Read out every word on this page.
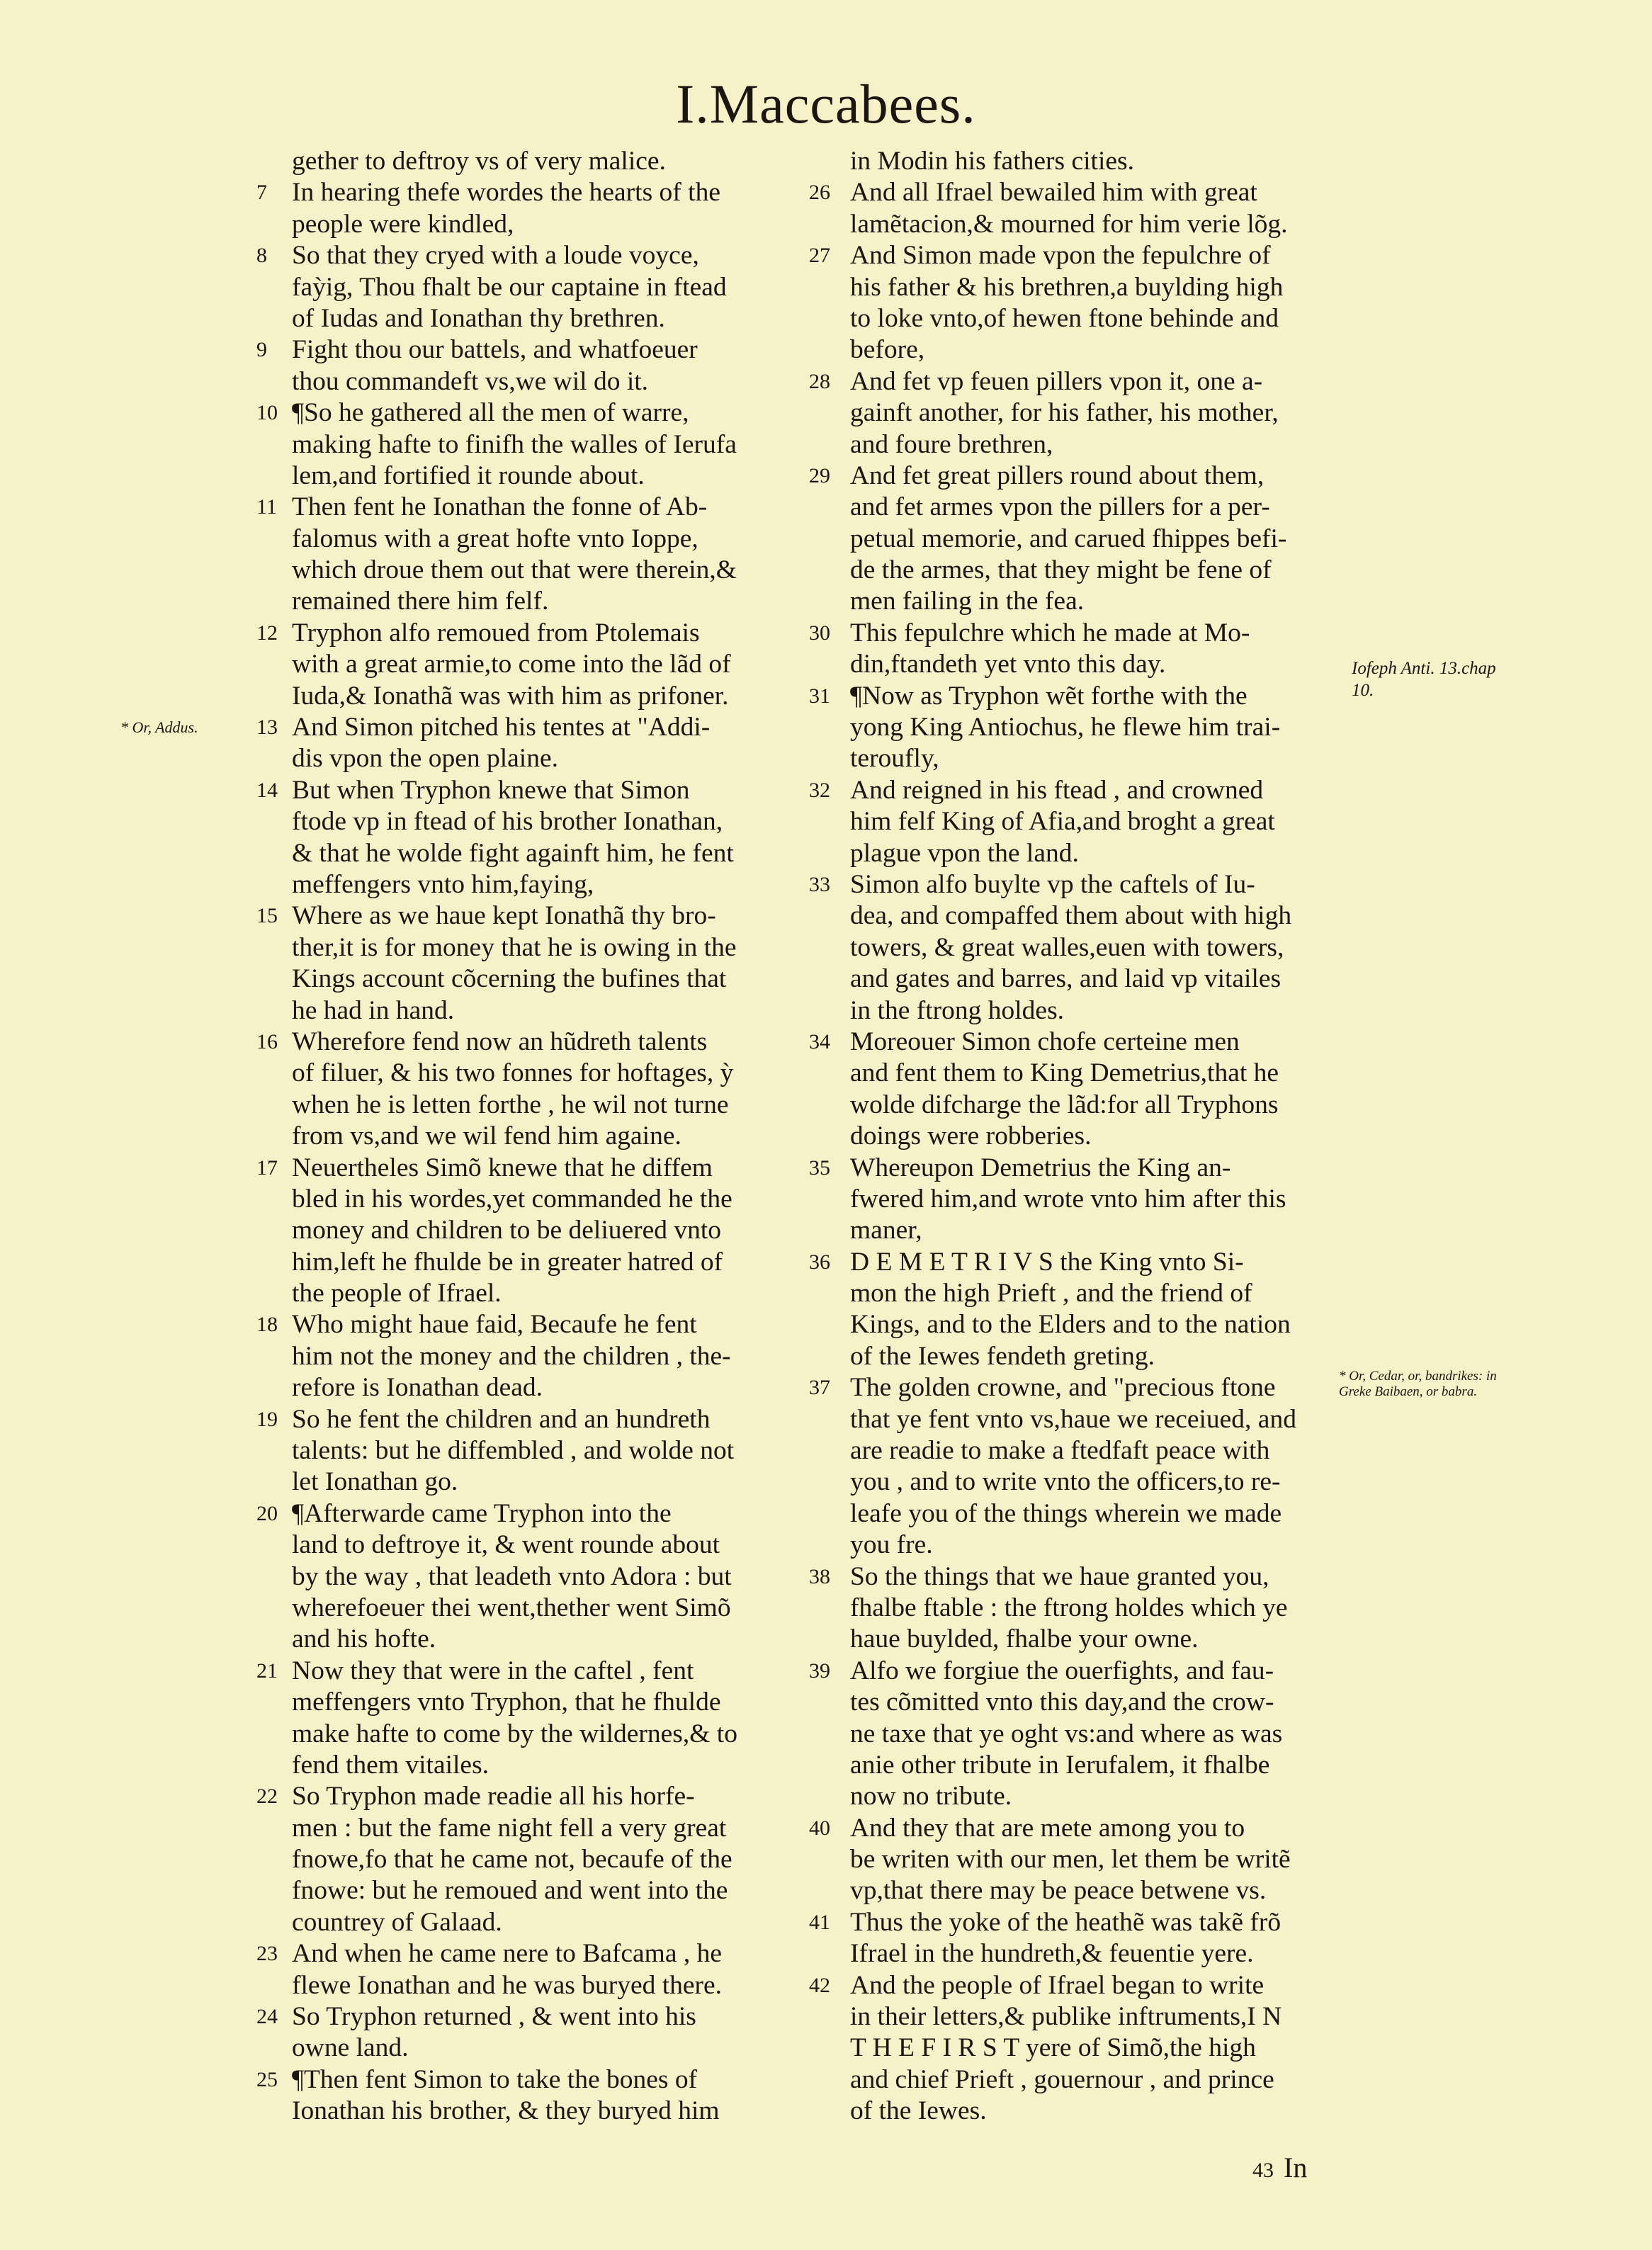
I.Maccabees.
gether to deftroy vs of very malice.
7 In hearing thefe wordes the hearts of the
people were kindled,
8 So that they cryed with a loude voyce,
faỳig, Thou fhalt be our captaine in ftead
of Iudas and Ionathan thy brethren.
9 Fight thou our battels, and whatfoeuer
thou commandeft vs,we wil do it.
10 ¶So he gathered all the men of warre,
making hafte to finifh the walles of Ierufa
lem,and fortified it rounde about.
11 Then fent he Ionathan the fonne of Ab-
falomus with a great hofte vnto Ioppe,
which droue them out that were therein,&
remained there him felf.
12 Tryphon alfo remoued from Ptolemais
with a great armie,to come into the lãd of
Iuda,& Ionathã was with him as prifoner.
13 And Simon pitched his tentes at "Addi-
dis vpon the open plaine.
14 But when Tryphon knewe that Simon
ftode vp in ftead of his brother Ionathan,
& that he wolde fight againft him, he fent
meffengers vnto him,faying,
15 Where as we haue kept Ionathã thy bro-
ther,it is for money that he is owing in the
Kings account cõcerning the bufines that
he had in hand.
16 Wherefore fend now an hũdreth talents
of filuer, & his two fonnes for hoftages, ỳ
when he is letten forthe , he wil not turne
from vs,and we wil fend him againe.
17 Neuertheles Simõ knewe that he diffem
bled in his wordes,yet commanded he the
money and children to be deliuered vnto
him,left he fhulde be in greater hatred of
the people of Ifrael.
18 Who might haue faid, Becaufe he fent
him not the money and the children , the-
refore is Ionathan dead.
19 So he fent the children and an hundreth
talents: but he diffembled , and wolde not
let Ionathan go.
20 ¶Afterwarde came Tryphon into the
land to deftroye it, & went rounde about
by the way , that leadeth vnto Adora : but
wherefoeuer thei went,thether went Simõ
and his hofte.
21 Now they that were in the caftel , fent
meffengers vnto Tryphon, that he fhulde
make hafte to come by the wildernes,& to
fend them vitailes.
22 So Tryphon made readie all his horfe-
men : but the fame night fell a very great
fnowe,fo that he came not, becaufe of the
fnowe: but he remoued and went into the
countrey of Galaad.
23 And when he came nere to Bafcama , he
flewe Ionathan and he was buryed there.
24 So Tryphon returned , & went into his
owne land.
25 ¶Then fent Simon to take the bones of
Ionathan his brother, & they buryed him
in Modin his fathers cities.
26 And all Ifrael bewailed him with great
lamẽtacion,& mourned for him verie lõg.
27 And Simon made vpon the fepulchre of
his father & his brethren,a buylding high
to loke vnto,of hewen ftone behinde and
before,
28 And fet vp feuen pillers vpon it, one a-
gainft another, for his father, his mother,
and foure brethren,
29 And fet great pillers round about them,
and fet armes vpon the pillers for a per-
petual memorie, and carued fhippes befi-
de the armes, that they might be fene of
men failing in the fea.
30 This fepulchre which he made at Mo-
din,ftandeth yet vnto this day.
31 ¶Now as Tryphon wẽt forthe with the
yong King Antiochus, he flewe him trai-
teroufly,
32 And reigned in his ftead , and crowned
him felf King of Afia,and broght a great
plague vpon the land.
33 Simon alfo buylte vp the caftels of Iu-
dea, and compaffed them about with high
towers, & great walles,euen with towers,
and gates and barres, and laid vp vitailes
in the ftrong holdes.
34 Moreouer Simon chofe certeine men
and fent them to King Demetrius,that he
wolde difcharge the lãd:for all Tryphons
doings were robberies.
35 Whereupon Demetrius the King an-
fwered him,and wrote vnto him after this
maner,
36 D E M E T R I V S the King vnto Si-
mon the high Prieft , and the friend of
Kings, and to the Elders and to the nation
of the Iewes fendeth greting.
37 The golden crowne, and "precious ftone
that ye fent vnto vs,haue we receiued, and
are readie to make a ftedfaft peace with
you , and to write vnto the officers,to re-
leafe you of the things wherein we made
you fre.
38 So the things that we haue granted you,
fhalbe ftable : the ftrong holdes which ye
haue buylded, fhalbe your owne.
39 Alfo we forgiue the ouerfights, and fau-
tes cõmitted vnto this day,and the crow-
ne taxe that ye oght vs:and where as was
anie other tribute in Ierufalem, it fhalbe
now no tribute.
40 And they that are mete among you to
be writen with our men, let them be writẽ
vp,that there may be peace betwene vs.
41 Thus the yoke of the heathẽ was takẽ frõ
Ifrael in the hundreth,& feuentie yere.
42 And the people of Ifrael began to write
in their letters,& publike inftruments,I N
T H E F I R S T yere of Simõ,the high
and chief Prieft , gouernour , and prince
of the Iewes.
* Or, Addus.
Iofeph Anti. 13.chap 10.
* Or, Cedar, or, bandrikes: in Greke Baibaen, or babra.
43 In
